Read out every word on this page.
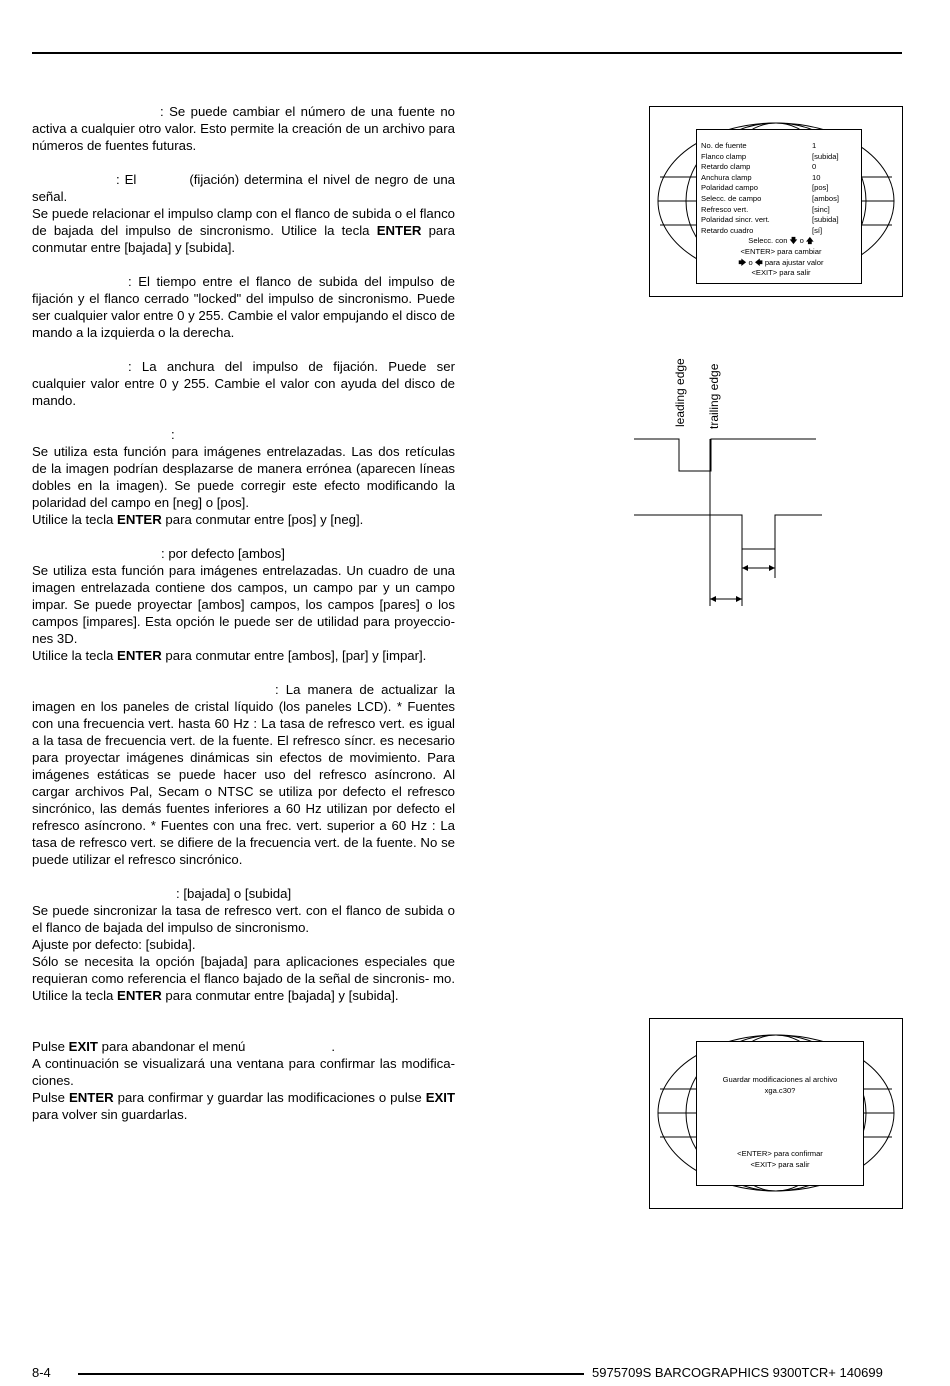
: Se puede cambiar el número de una fuente no activa a cualquier otro valor. Esto permite la creación de un archivo para números de fuentes futuras.

: El	(fijación) determina el nivel de negro de una señal.
Se puede relacionar el impulso clamp con el flanco de subida o el flanco de bajada del impulso de sincronismo. Utilice la tecla ENTER para conmutar entre [bajada] y [subida].

: El tiempo entre el flanco de subida del impulso de fijación y el flanco cerrado "locked" del impulso de sincronismo. Puede ser cualquier valor entre 0 y 255. Cambie el valor empujando el disco de mando a la izquierda o la derecha.

: La anchura del impulso de fijación. Puede ser cualquier valor entre 0 y 255. Cambie el valor con ayuda del disco de mando.

:
Se utiliza esta función para imágenes entrelazadas. Las dos retículas de la imagen podrían desplazarse de manera errónea (aparecen líneas dobles en la imagen). Se puede corregir este efecto modificando la polaridad del campo en [neg] o [pos].
Utilice la tecla ENTER para conmutar entre [pos] y [neg].

: por defecto [ambos]
Se utiliza esta función para imágenes entrelazadas. Un cuadro de una imagen entrelazada contiene dos campos, un campo par y un campo impar. Se puede proyectar [ambos] campos, los campos [pares] o los campos [impares]. Esta opción le puede ser de utilidad para proyeccio- nes 3D.
Utilice la tecla ENTER para conmutar entre [ambos], [par] y [impar].

: La manera de actualizar la imagen en los paneles de cristal líquido (los paneles LCD). * Fuentes con una frecuencia vert. hasta 60 Hz : La tasa de refresco vert. es igual a la tasa de frecuencia vert. de la fuente. El refresco síncr. es necesario para proyectar imágenes dinámicas sin efectos de movimiento. Para imágenes estáticas se puede hacer uso del refresco asíncrono. Al cargar archivos Pal, Secam o NTSC se utiliza por defecto el refresco sincrónico, las demás fuentes inferiores a 60 Hz utilizan por defecto el refresco asíncrono. * Fuentes con una frec. vert. superior a 60 Hz : La tasa de refresco vert. se difiere de la frecuencia vert. de la fuente. No se puede utilizar el refresco sincrónico.

: [bajada] o [subida]
Se puede sincronizar la tasa de refresco vert. con el flanco de subida o el flanco de bajada del impulso de sincronismo.
Ajuste por defecto: [subida].
Sólo se necesita la opción [bajada] para aplicaciones especiales que requieran como referencia el flanco bajado de la señal de sincronis- mo. Utilice la tecla ENTER para conmutar entre [bajada] y [subida].

Pulse EXIT para abandonar el menú	.
A continuación se visualizará una ventana para confirmar las modifica- ciones.
Pulse ENTER para confirmar y guardar las modificaciones o pulse EXIT para volver sin guardarlas.

No. de fuente	1
Flanco clamp	[subida]
Retardo clamp	0
Anchura clamp	10
Polaridad campo	[pos]
Selecc. de campo	[ambos]
Refresco vert.	[sinc]
Polaridad sincr. vert.	[subida]
Retardo cuadro	[sí]
Selecc. con 🡇 o 🡅
<ENTER> para cambiar
🡆 o 🡄 para ajustar valor
<EXIT> para salir
leading edge trailing edge
Guardar modificaciones al archivo
xga.c30?
<ENTER> para confirmar
<EXIT> para salir
8-4	5975709S BARCOGRAPHICS 9300TCR+ 140699
